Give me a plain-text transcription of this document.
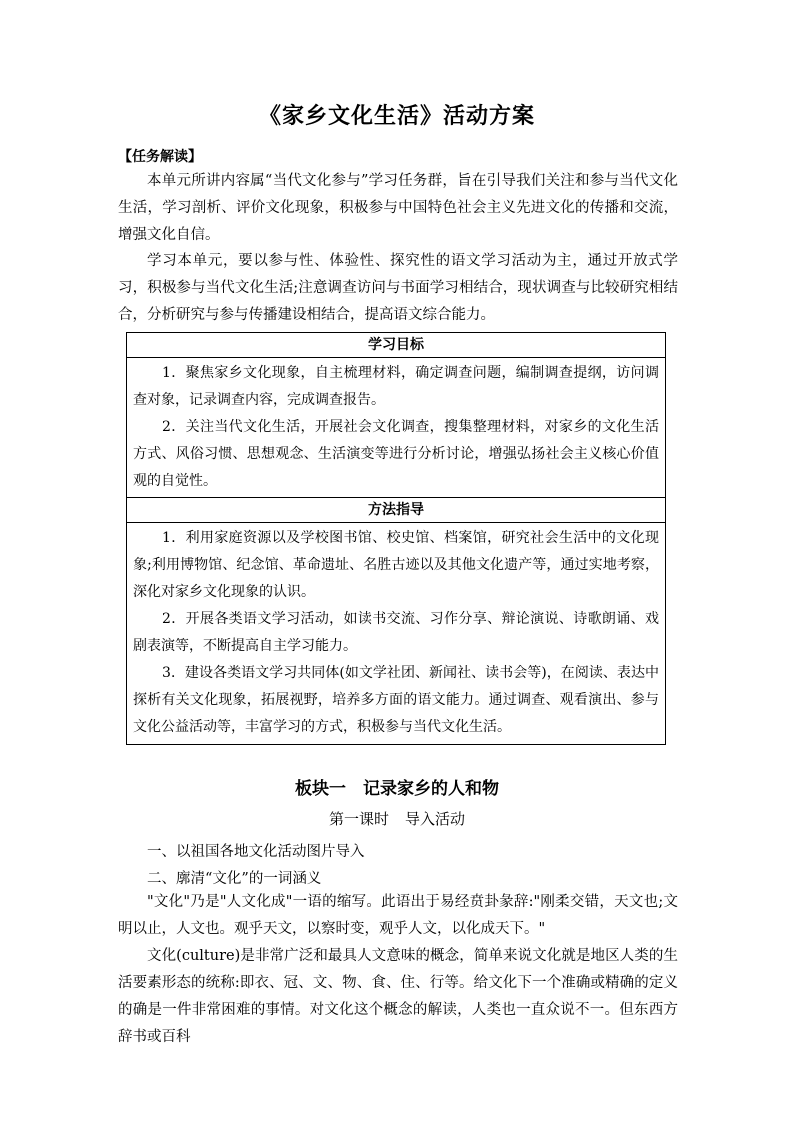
《家乡文化生活》活动方案
【任务解读】

本单元所讲内容属“当代文化参与”学习任务群，旨在引导我们关注和参与当代文化生活，学习剖析、评价文化现象，积极参与中国特色社会主义先进文化的传播和交流，增强文化自信。

学习本单元，要以参与性、体验性、探究性的语文学习活动为主，通过开放式学习，积极参与当代文化生活;注意调查访问与书面学习相结合，现状调查与比较研究相结合，分析研究与参与传播建设相结合，提高语文综合能力。

学习目标

1．聚焦家乡文化现象，自主梳理材料，确定调查问题，编制调查提纲，访问调查对象，记录调查内容，完成调查报告。

2．关注当代文化生活，开展社会文化调查，搜集整理材料，对家乡的文化生活方式、风俗习惯、思想观念、生活演变等进行分析讨论，增强弘扬社会主义核心价值观的自觉性。

方法指导

1．利用家庭资源以及学校图书馆、校史馆、档案馆，研究社会生活中的文化现象;利用博物馆、纪念馆、革命遗址、名胜古迹以及其他文化遗产等，通过实地考察，深化对家乡文化现象的认识。

2．开展各类语文学习活动，如读书交流、习作分享、辩论演说、诗歌朗诵、戏剧表演等，不断提高自主学习能力。

3．建设各类语文学习共同体(如文学社团、新闻社、读书会等)，在阅读、表达中探析有关文化现象，拓展视野，培养多方面的语文能力。通过调查、观看演出、参与文化公益活动等，丰富学习的方式，积极参与当代文化生活。

板块一　记录家乡的人和物
第一课时 导入活动
一、以祖国各地文化活动图片导入
二、廓清“文化”的一词涵义

"文化"乃是"人文化成"一语的缩写。此语出于易经贲卦彖辞:"刚柔交错，天文也;文明以止，人文也。观乎天文，以察时变，观乎人文，以化成天下。"

文化(culture)是非常广泛和最具人文意味的概念，简单来说文化就是地区人类的生活要素形态的统称:即衣、冠、文、物、食、住、行等。给文化下一个准确或精确的定义的确是一件非常困难的事情。对文化这个概念的解读，人类也一直众说不一。但东西方辞书或百科
